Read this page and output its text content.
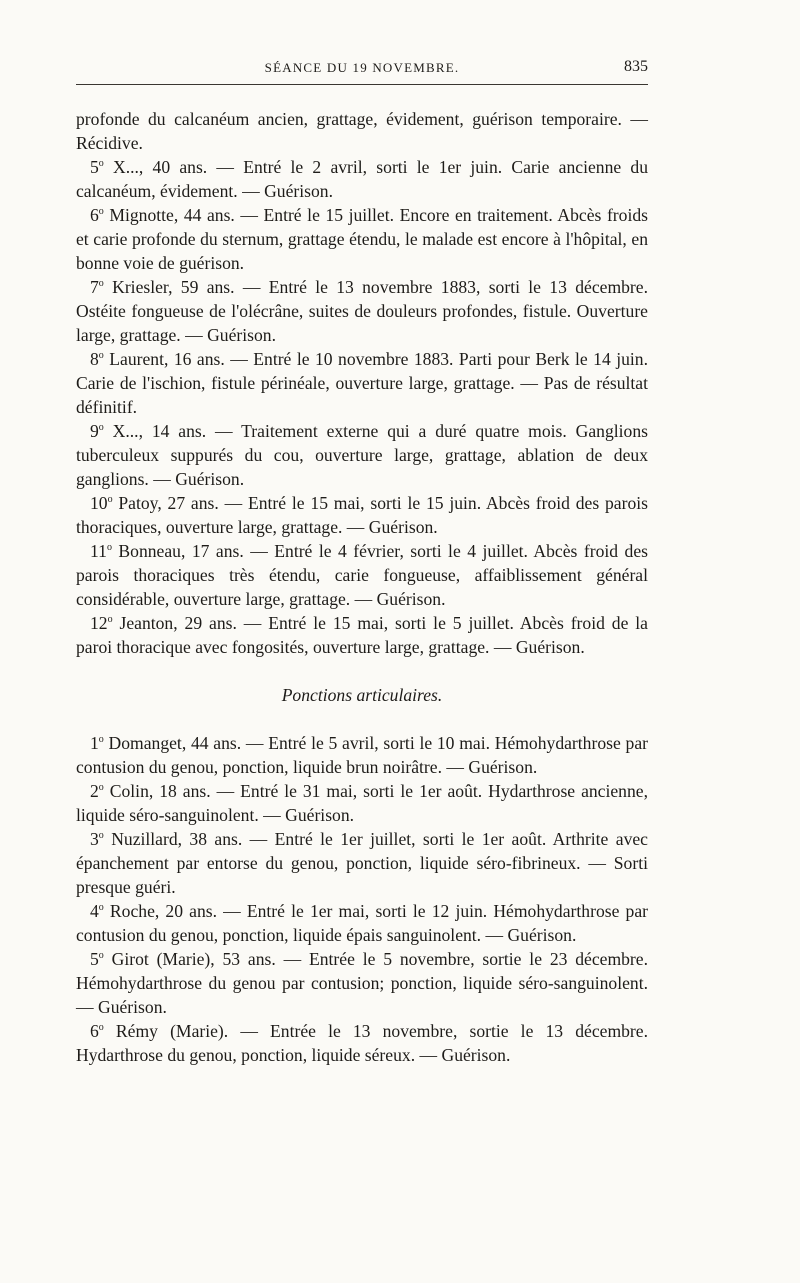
SÉANCE DU 19 NOVEMBRE.	835

profonde du calcanéum ancien, grattage, évidement, guérison temporaire. — Récidive.

5$^o$ X..., 40 ans. — Entré le 2 avril, sorti le 1er juin. Carie ancienne du calcanéum, évidement. — Guérison.

6$^o$ Mignotte, 44 ans. — Entré le 15 juillet. Encore en traitement. Abcès froids et carie profonde du sternum, grattage étendu, le malade est encore à l'hôpital, en bonne voie de guérison.

7$^o$ Kriesler, 59 ans. — Entré le 13 novembre 1883, sorti le 13 décembre. Ostéite fongueuse de l'olécrâne, suites de douleurs profondes, fistule. Ouverture large, grattage. — Guérison.

8$^o$ Laurent, 16 ans. — Entré le 10 novembre 1883. Parti pour Berk le 14 juin. Carie de l'ischion, fistule périnéale, ouverture large, grattage. — Pas de résultat définitif.

9$^o$ X..., 14 ans. — Traitement externe qui a duré quatre mois. Ganglions tuberculeux suppurés du cou, ouverture large, grattage, ablation de deux ganglions. — Guérison.

10$^o$ Patoy, 27 ans. — Entré le 15 mai, sorti le 15 juin. Abcès froid des parois thoraciques, ouverture large, grattage. — Guérison.

11$^o$ Bonneau, 17 ans. — Entré le 4 février, sorti le 4 juillet. Abcès froid des parois thoraciques très étendu, carie fongueuse, affaiblissement général considérable, ouverture large, grattage. — Guérison.

12$^o$ Jeanton, 29 ans. — Entré le 15 mai, sorti le 5 juillet. Abcès froid de la paroi thoracique avec fongosités, ouverture large, grattage. — Guérison.

Ponctions articulaires.

1$^o$ Domanget, 44 ans. — Entré le 5 avril, sorti le 10 mai. Hémohydarthrose par contusion du genou, ponction, liquide brun noirâtre. — Guérison.

2$^o$ Colin, 18 ans. — Entré le 31 mai, sorti le 1er août. Hydarthrose ancienne, liquide séro-sanguinolent. — Guérison.

3$^o$ Nuzillard, 38 ans. — Entré le 1er juillet, sorti le 1er août. Arthrite avec épanchement par entorse du genou, ponction, liquide séro-fibrineux. — Sorti presque guéri.

4$^o$ Roche, 20 ans. — Entré le 1er mai, sorti le 12 juin. Hémohydarthrose par contusion du genou, ponction, liquide épais sanguinolent. — Guérison.

5$^o$ Girot (Marie), 53 ans. — Entrée le 5 novembre, sortie le 23 décembre. Hémohydarthrose du genou par contusion; ponction, liquide séro-sanguinolent. — Guérison.

6$^o$ Rémy (Marie). — Entrée le 13 novembre, sortie le 13 décembre. Hydarthrose du genou, ponction, liquide séreux. — Guérison.
